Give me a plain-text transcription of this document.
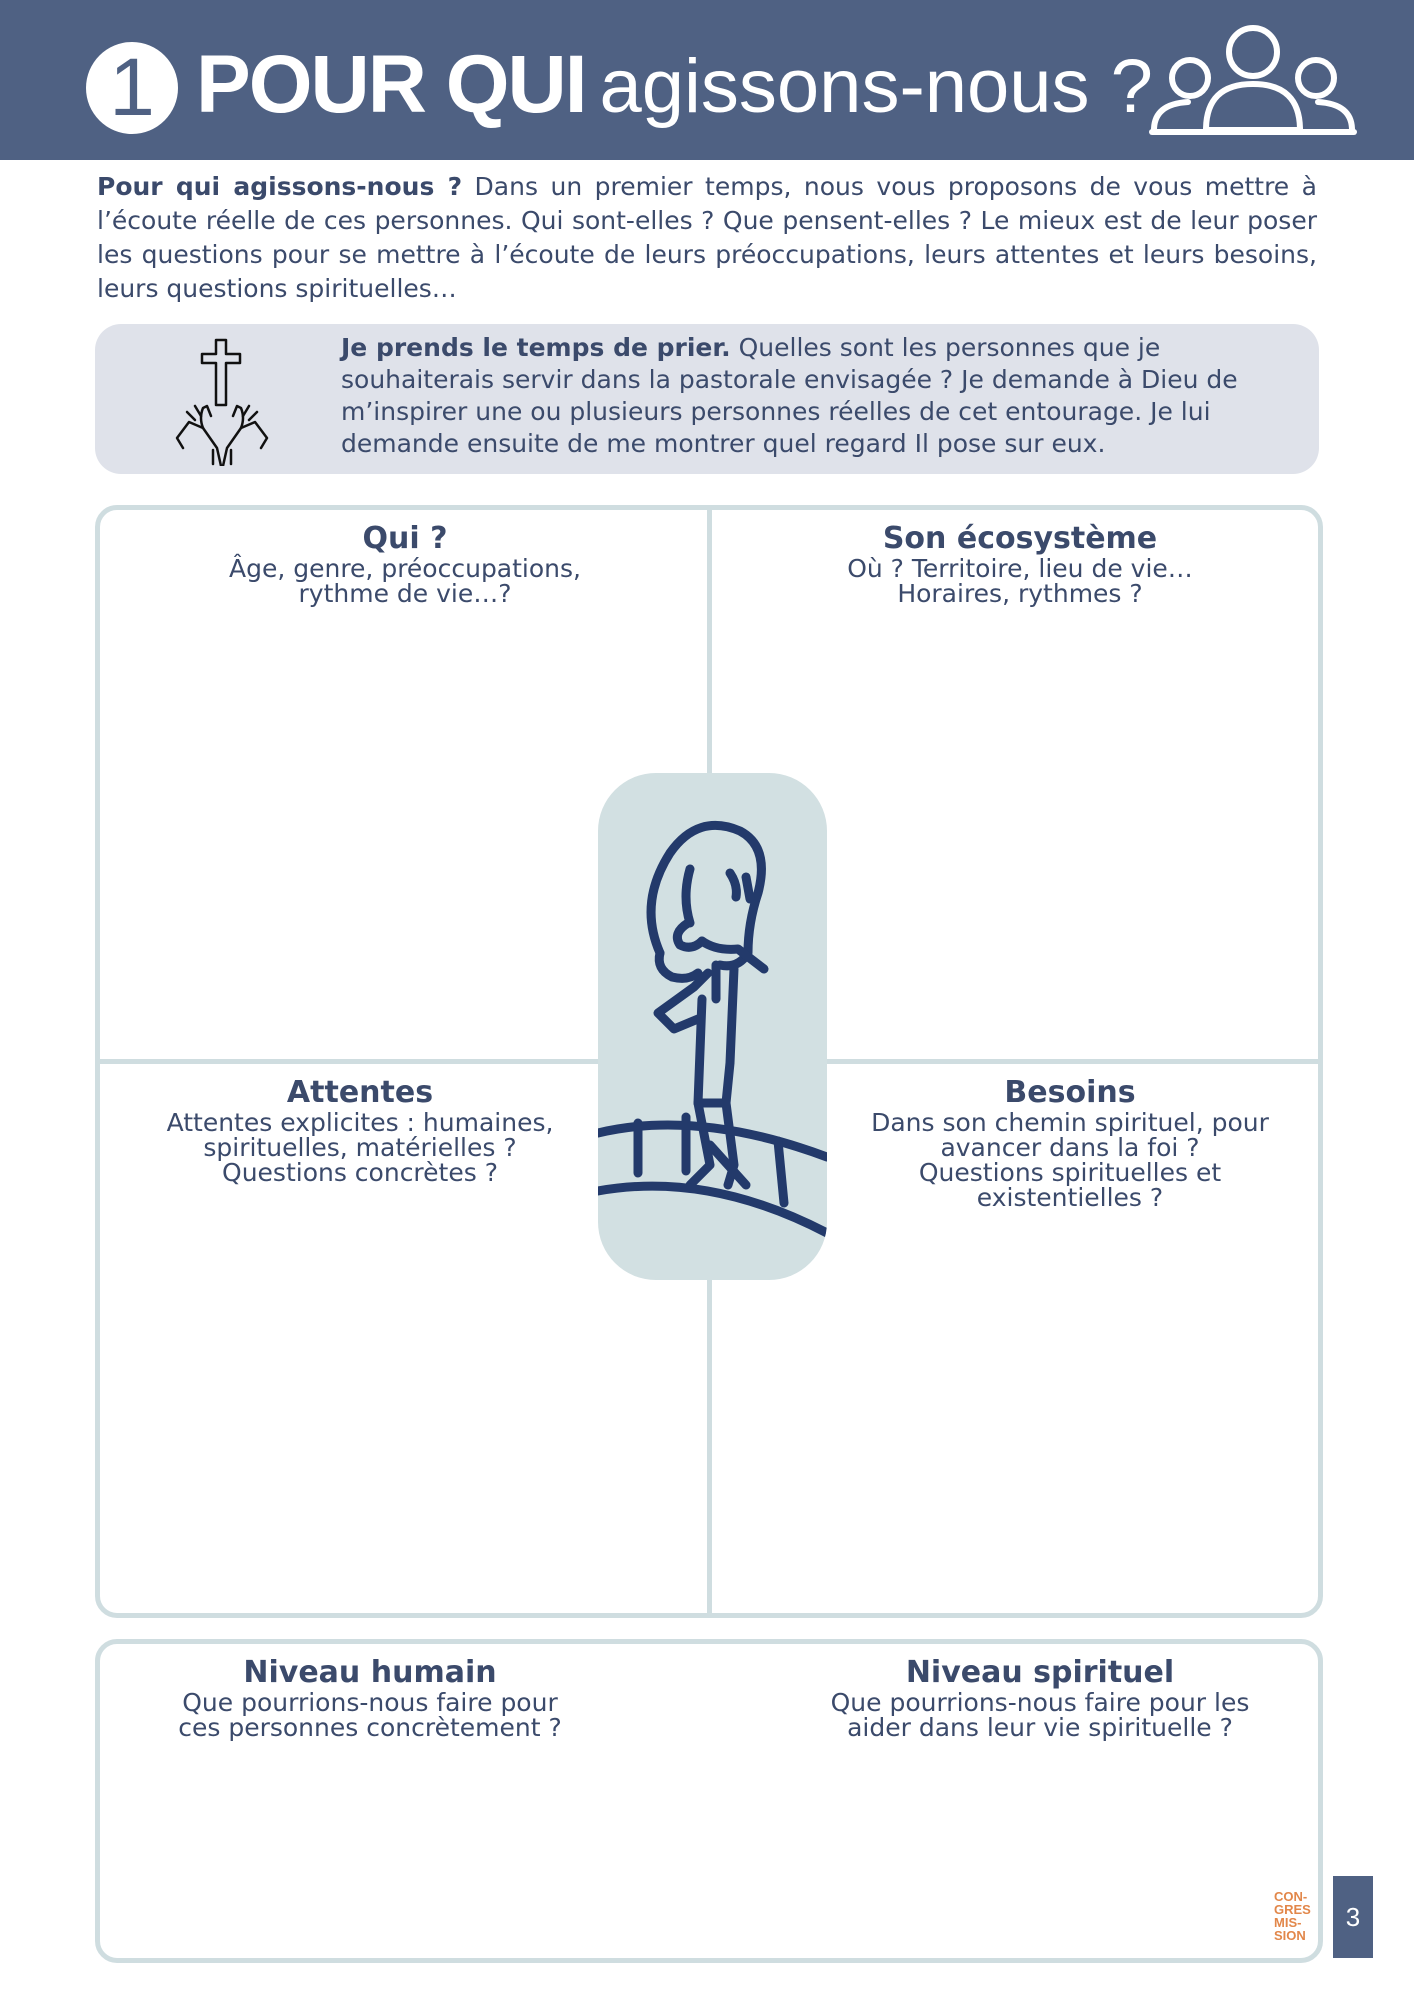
1 POUR QUI agissons-nous ?
Pour qui agissons-nous ? Dans un premier temps, nous vous proposons de vous mettre à l’écoute réelle de ces personnes. Qui sont-elles ? Que pensent-elles ? Le mieux est de leur poser les questions pour se mettre à l’écoute de leurs préoccupations, leurs attentes et leurs besoins, leurs questions spirituelles…
Je prends le temps de prier. Quelles sont les personnes que je souhaiterais servir dans la pastorale envisagée ? Je demande à Dieu de m’inspirer une ou plusieurs personnes réelles de cet entourage. Je lui demande ensuite de me montrer quel regard Il pose sur eux.
Qui ?
Âge, genre, préoccupations,
rythme de vie…?
Son écosystème
Où ? Territoire, lieu de vie…
Horaires, rythmes ?
Attentes
Attentes explicites : humaines,
spirituelles, matérielles ?
Questions concrètes ?
Besoins
Dans son chemin spirituel, pour
avancer dans la foi ?
Questions spirituelles et
existentielles ?
Niveau humain
Que pourrions-nous faire pour
ces personnes concrètement ?
Niveau spirituel
Que pourrions-nous faire pour les
aider dans leur vie spirituelle ?
CON-
GRES
MIS-
SION
3
